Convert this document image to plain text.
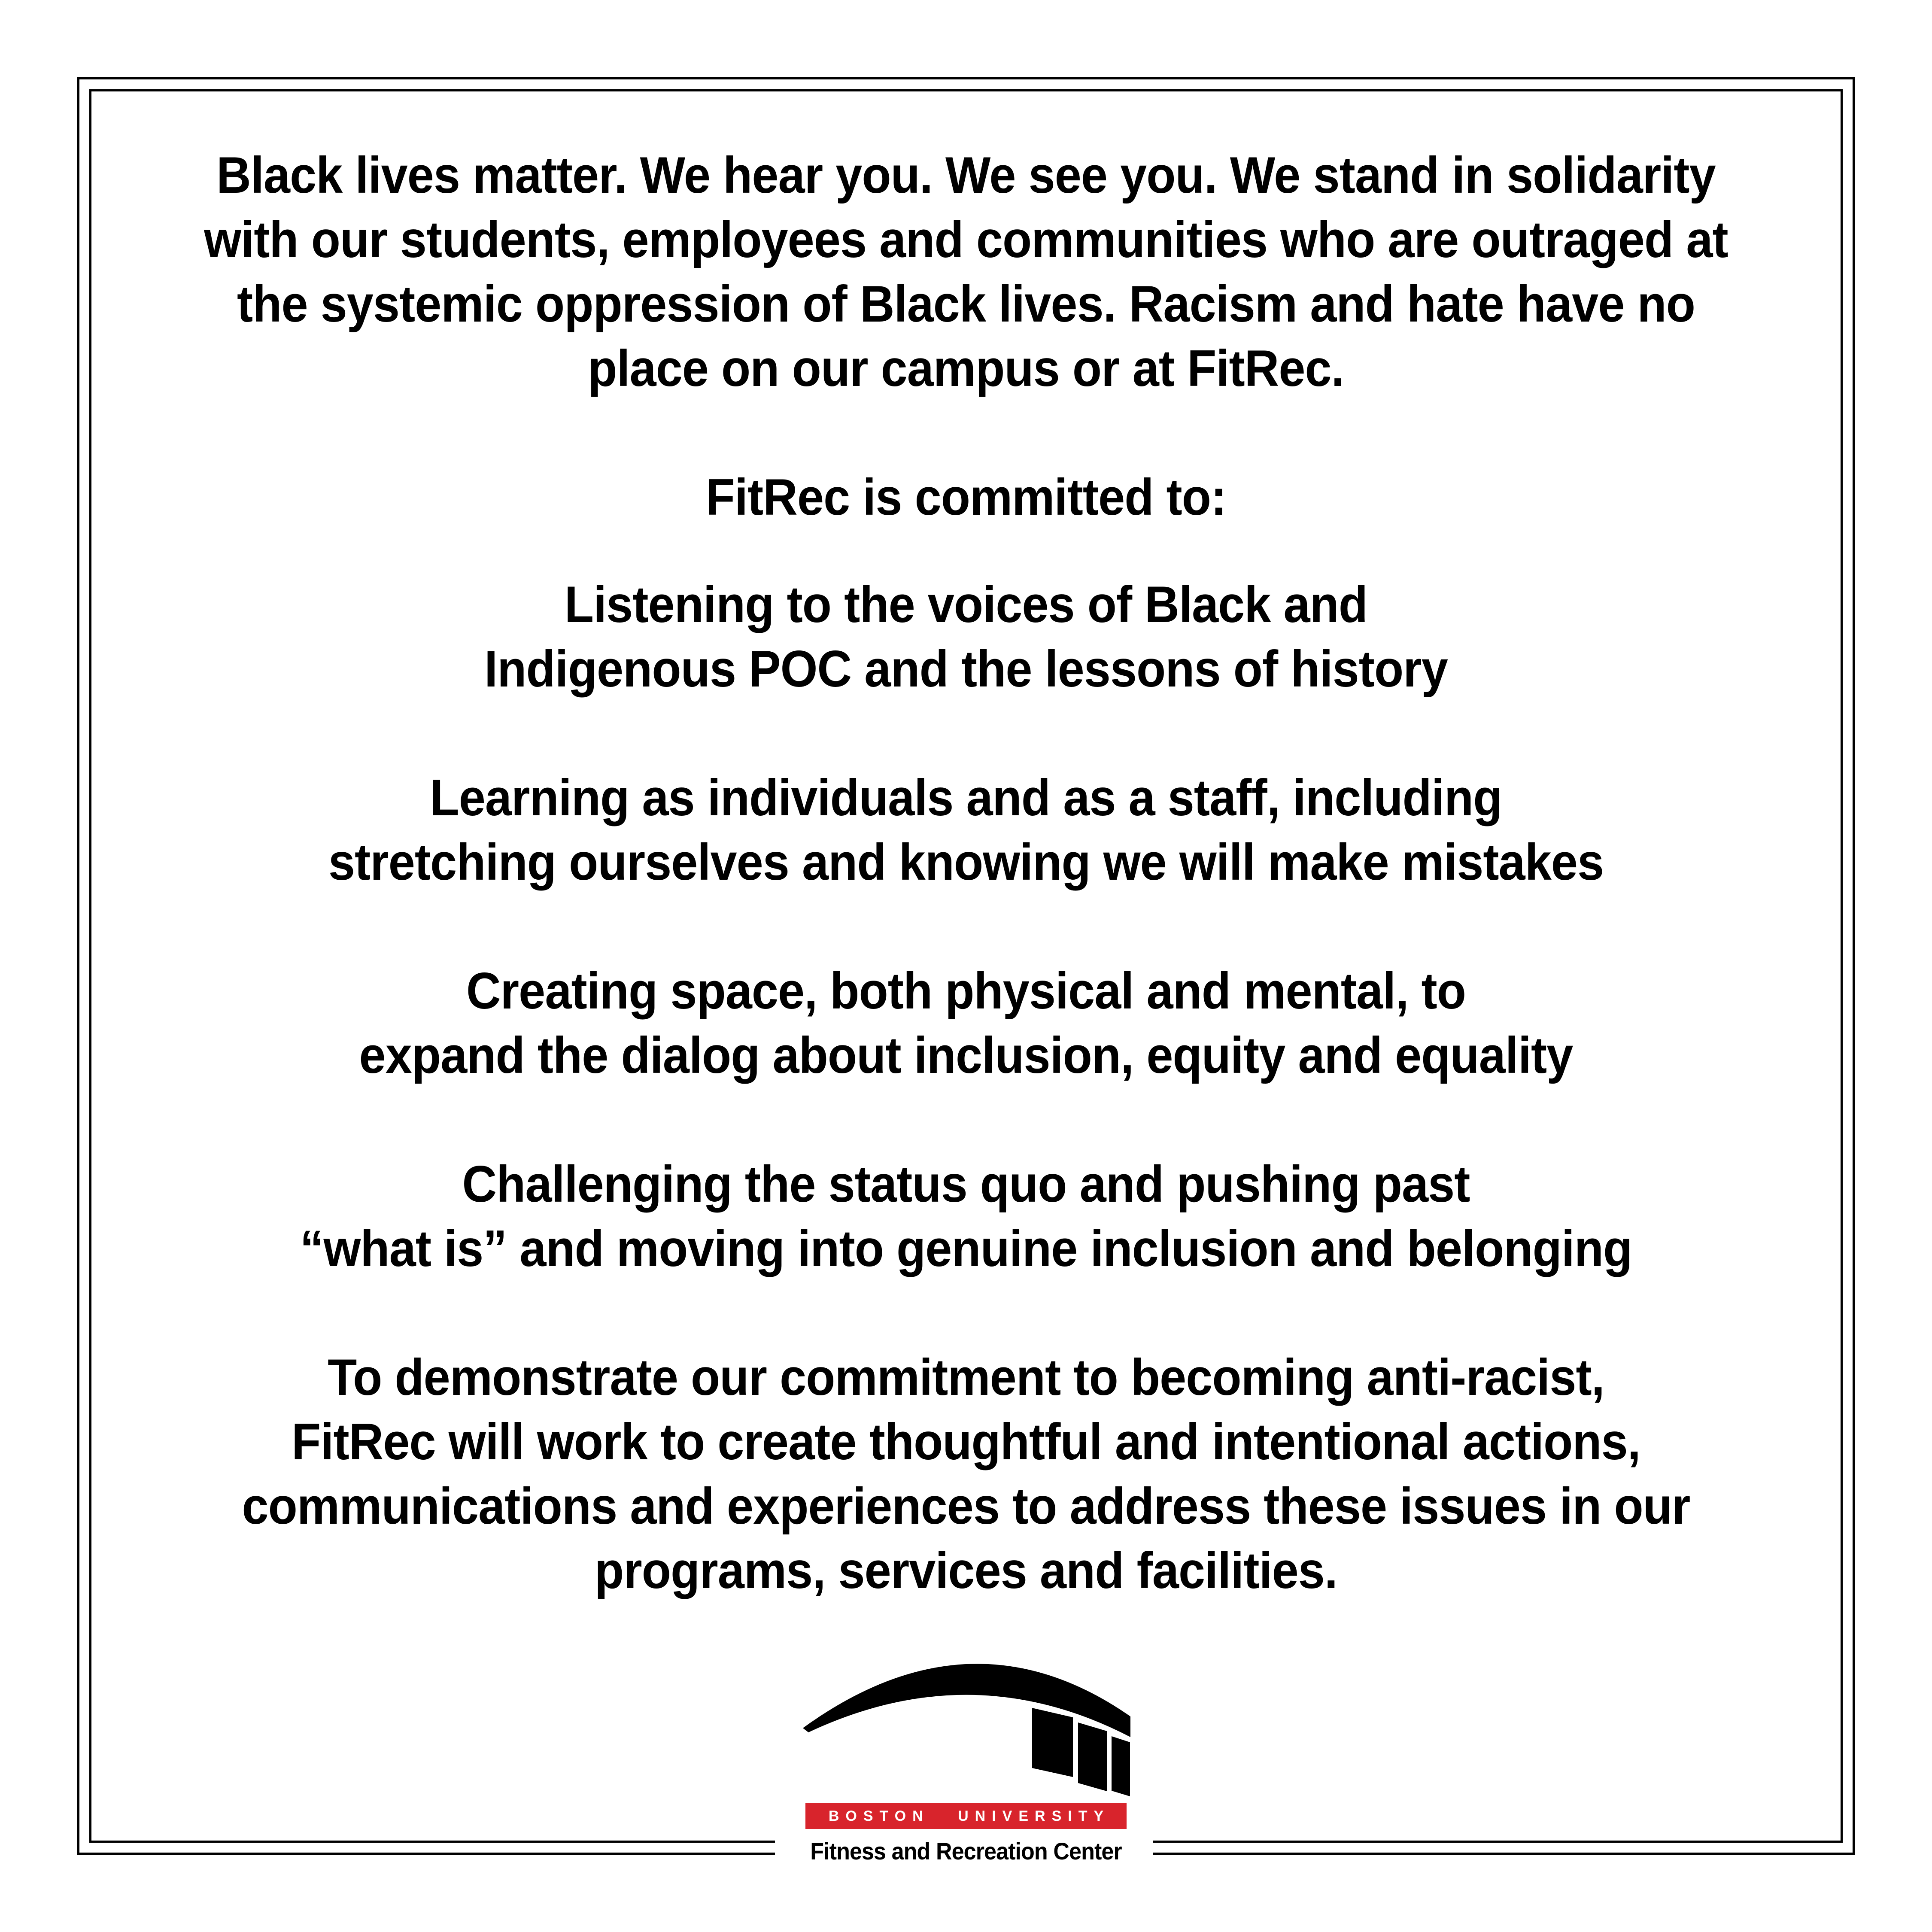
Black lives matter. We hear you. We see you. We stand in solidarity
with our students, employees and communities who are outraged at
the systemic oppression of Black lives. Racism and hate have no
place on our campus or at FitRec.
FitRec is committed to:
Listening to the voices of Black and
Indigenous POC and the lessons of history
Learning as individuals and as a staff, including
stretching ourselves and knowing we will make mistakes
Creating space, both physical and mental, to
expand the dialog about inclusion, equity and equality
Challenging the status quo and pushing past
“what is” and moving into genuine inclusion and belonging
To demonstrate our commitment to becoming anti-racist,
FitRec will work to create thoughtful and intentional actions,
communications and experiences to address these issues in our
programs, services and facilities.
BOSTON UNIVERSITY
Fitness and Recreation Center
